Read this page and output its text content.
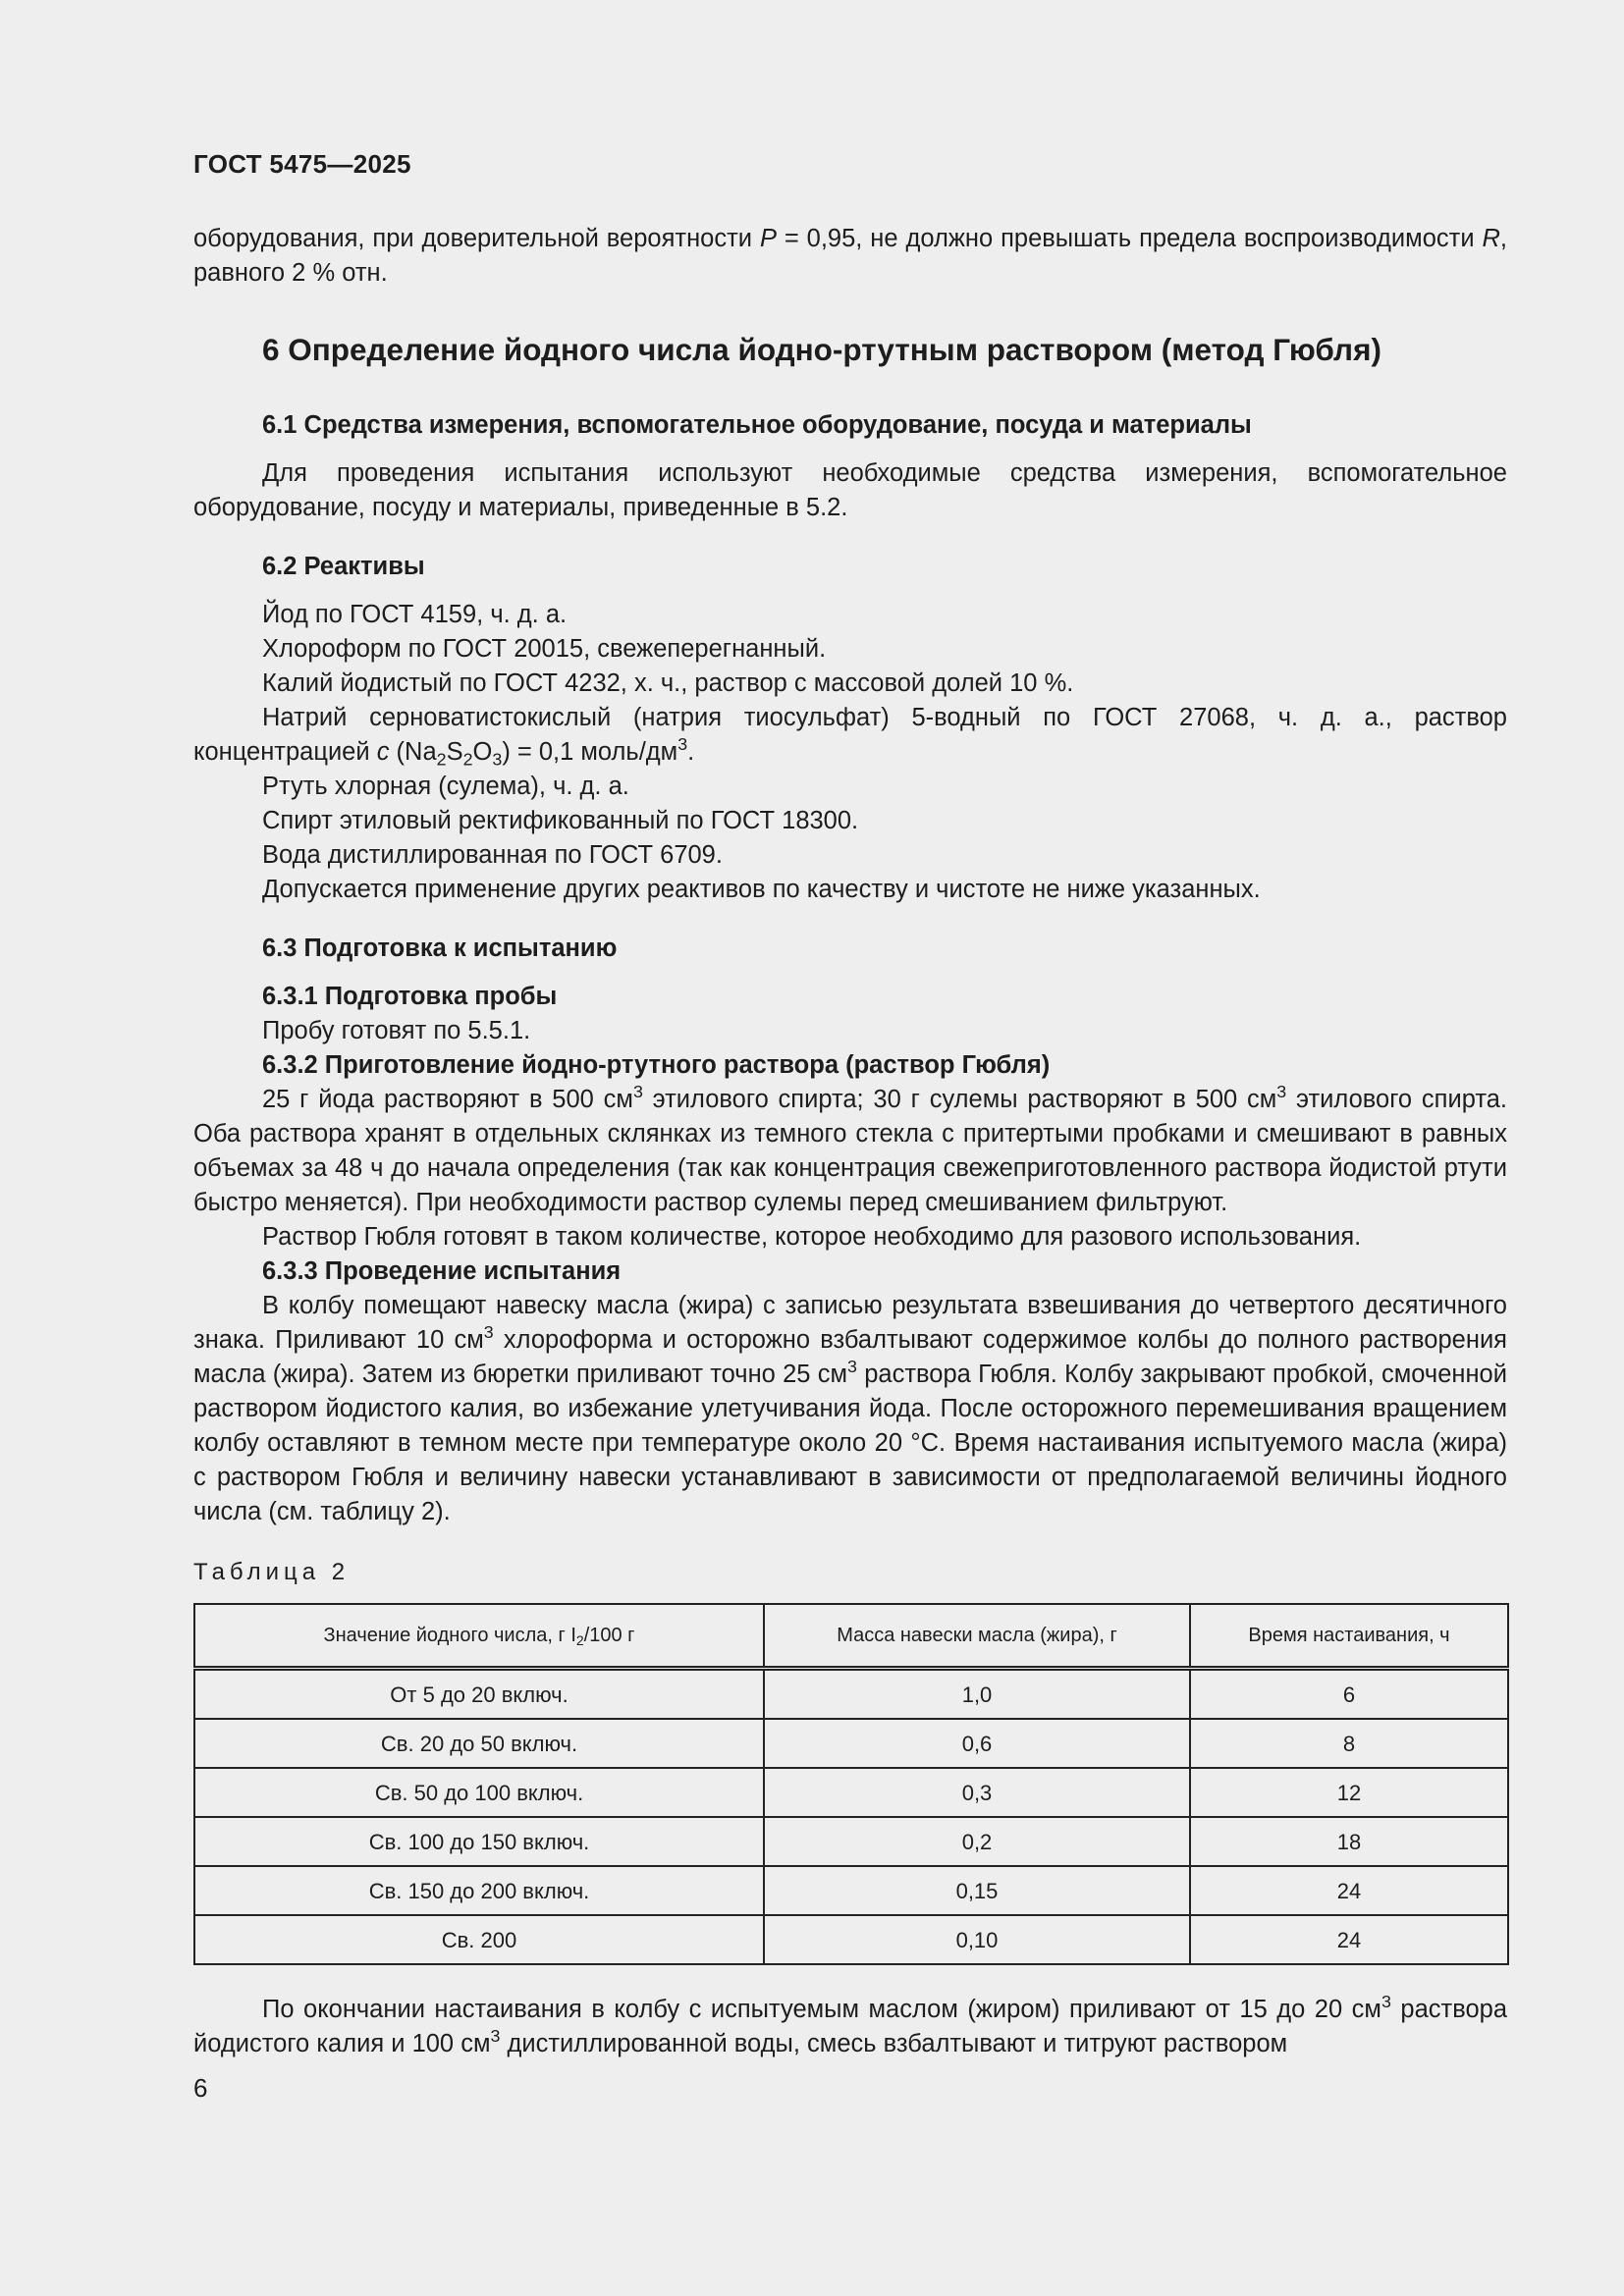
ГОСТ 5475—2025

оборудования, при доверительной вероятности P = 0,95, не должно превышать предела воспроизводимости R, равного 2 % отн.

6 Определение йодного числа йодно-ртутным раствором (метод Гюбля)
6.1 Средства измерения, вспомогательное оборудование, посуда и материалы

Для проведения испытания используют необходимые средства измерения, вспомогательное оборудование, посуду и материалы, приведенные в 5.2.

6.2 Реактивы

Йод по ГОСТ 4159, ч. д. а.

Хлороформ по ГОСТ 20015, свежеперегнанный.

Калий йодистый по ГОСТ 4232, х. ч., раствор с массовой долей 10 %.

Натрий серноватистокислый (натрия тиосульфат) 5-водный по ГОСТ 27068, ч. д. а., раствор концентрацией c $(Na_2S_2O_3) = 0,1$ моль/$дм^3$.

Ртуть хлорная (сулема), ч. д. а.

Спирт этиловый ректификованный по ГОСТ 18300.

Вода дистиллированная по ГОСТ 6709.

Допускается применение других реактивов по качеству и чистоте не ниже указанных.

6.3 Подготовка к испытанию
6.3.1 Подготовка пробы

Пробу готовят по 5.5.1.

6.3.2 Приготовление йодно-ртутного раствора (раствор Гюбля)

25 г йода растворяют в 500 $см^3$ этилового спирта; 30 г сулемы растворяют в 500 $см^3$ этилового спирта. Оба раствора хранят в отдельных склянках из темного стекла с притертыми пробками и смешивают в равных объемах за 48 ч до начала определения (так как концентрация свежеприготовленного раствора йодистой ртути быстро меняется). При необходимости раствор сулемы перед смешиванием фильтруют.

Раствор Гюбля готовят в таком количестве, которое необходимо для разового использования.

6.3.3 Проведение испытания

В колбу помещают навеску масла (жира) с записью результата взвешивания до четвертого десятичного знака. Приливают 10 $см^3$ хлороформа и осторожно взбалтывают содержимое колбы до полного растворения масла (жира). Затем из бюретки приливают точно 25 $см^3$ раствора Гюбля. Колбу закрывают пробкой, смоченной раствором йодистого калия, во избежание улетучивания йода. После осторожного перемешивания вращением колбу оставляют в темном месте при температуре около 20 °C. Время настаивания испытуемого масла (жира) с раствором Гюбля и величину навески устанавливают в зависимости от предполагаемой величины йодного числа (см. таблицу 2).

Таблица 2
Значение йодного числа, г $I_2/100$ г	Масса навески масла (жира), г	Время настаивания, ч
От 5 до 20 включ.	1,0	6
Св. 20 до 50 включ.	0,6	8
Св. 50 до 100 включ.	0,3	12
Св. 100 до 150 включ.	0,2	18
Св. 150 до 200 включ.	0,15	24
Св. 200	0,10	24

По окончании настаивания в колбу с испытуемым маслом (жиром) приливают от 15 до 20 $см^3$ раствора йодистого калия и 100 $см^3$ дистиллированной воды, смесь взбалтывают и титруют раствором

6
